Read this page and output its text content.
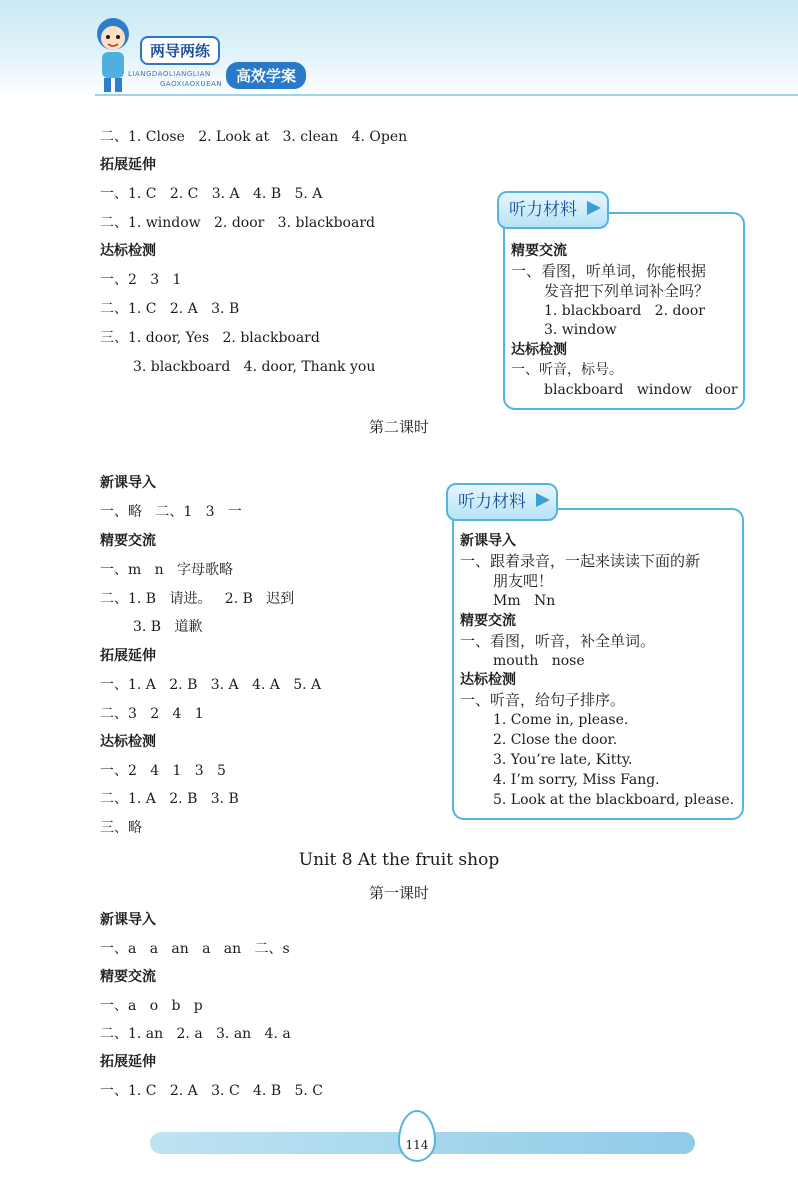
两导两练
LIANGDAOLIANGLIAN
GAOXIAOXUEAN 高效学案
二、1. Close   2. Look at   3. clean   4. Open
拓展延伸
一、1. C   2. C   3. A   4. B   5. A
二、1. window   2. door   3. blackboard
达标检测
一、2   3   1
二、1. C   2. A   3. B
三、1. door, Yes   2. blackboard
3. blackboard   4. door, Thank you
第二课时
新课导入
一、略   二、1   3   一
精要交流
一、m   n   字母歌略
二、1. B   请进。   2. B   迟到
3. B   道歉
拓展延伸
一、1. A   2. B   3. A   4. A   5. A
二、3   2   4   1
达标检测
一、2   4   1   3   5
二、1. A   2. B   3. B
三、略
Unit 8 At the fruit shop
第一课时
新课导入
一、a   a   an   a   an   二、s
精要交流
一、a   o   b   p
二、1. an   2. a   3. an   4. a
拓展延伸
一、1. C   2. A   3. C   4. B   5. C
听力材料
精要交流
一、看图，听单词，你能根据
发音把下列单词补全吗？
1. blackboard   2. door
3. window
达标检测
一、听音，标号。
blackboard   window   door
听力材料
新课导入
一、跟着录音，一起来读读下面的新
朋友吧！
Mm   Nn
精要交流
一、看图，听音，补全单词。
mouth   nose
达标检测
一、听音，给句子排序。
1. Come in, please.
2. Close the door.
3. You’re late, Kitty.
4. I’m sorry, Miss Fang.
5. Look at the blackboard, please.
114
